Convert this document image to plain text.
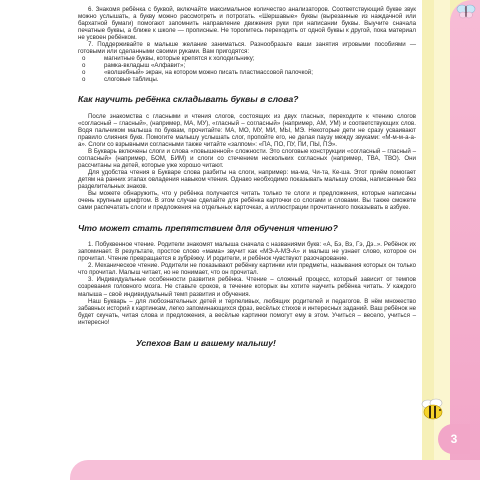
3

6. Знакомя ребёнка с буквой, включайте максимальное количество анализаторов. Соответствующий букве звук можно услышать, а букву можно рассмотреть и потрогать. «Шершавые» буквы (вырезанные из наждачной или бархатной бумаги) помогают запомнить направление движения руки при написании буквы. Выучите сначала печатные буквы, а ближе к школе — прописные. Не торопитесь переходить от одной буквы к другой, пока материал не усвоен ребёнком.

7. Поддерживайте в малыше желание заниматься. Разнообразьте ваши занятия игровыми пособиями — готовыми или сделанными своими руками. Вам пригодятся:

o магнитные буквы, которые крепятся к холодильнику;
o рамка-вкладыш «Алфавит»;
o «волшебный» экран, на котором можно писать пластмассовой палочкой;
o слоговые таблицы.
Как научить ребёнка складывать буквы в слова?

После знакомства с гласными и чтения слогов, состоящих из двух гласных, переходите к чтению слогов «согласный – гласный», (например, МА, МУ), «гласный – согласный» (например, АМ, УМ) и соответствующих слов. Водя пальчиком малыша по буквам, прочитайте: МА, МО, МУ, МИ, МЫ, МЭ. Некоторые дети не сразу усваивают правило слияния букв. Помогите малышу услышать слог, пропойте его, не делая паузу между звуками: «М-м-м-а-а-а». Слоги со взрывными согласными также читайте «залпом»: «ПА, ПО, ПУ, ПИ, ПЫ, ПЭ».

В Букварь включены слоги и слова «повышенной» сложности. Это слоговые конструкции «согласный – гласный – согласный» (например, БОМ, БИМ) и слоги со стечением нескольких согласных (например, ТВА, ТВО). Они рассчитаны на детей, которые уже хорошо читают.

Для удобства чтения в Букваре слова разбиты на слоги, например: ма-ма, Чи-та, Ке-ша. Этот приём помогает детям на ранних этапах овладения навыком чтения. Однако необходимо показывать малышу слова, написанные без разделительных знаков.

Вы можете обнаружить, что у ребёнка получается читать только те слоги и предложения, которые написаны очень крупным шрифтом. В этом случае сделайте для ребёнка карточки со слогами и словами. Вы также сможете сами распечатать слоги и предложения на отдельных карточках, а иллюстрации прочитанного показывать в азбуке.

Что может стать препятствием для обучения чтению?

1. Побуквенное чтение. Родители знакомят малыша сначала с названиями букв: «А, Бэ, Вэ, Гэ, Дэ..». Ребёнок их запоминает. В результате, простое слово «мама» звучит как «МЭ-А-МЭ-А» и малыш не узнает слово, которое он прочитал. Чтение превращается в зубрёжку. И родители, и ребёнок чувствуют разочарование.

2. Механическое чтение. Родители не показывают ребёнку картинки или предметы, называния которых он только что прочитал. Малыш читает, но не понимает, что он прочитал.

3. Индивидуальные особенности развития ребёнка. Чтение – сложный процесс, который зависит от темпов созревания головного мозга. Не ставьте сроков, в течение которых вы хотите научить ребёнка читать. У каждого малыша – своё индивидуальный темп развития и обучения.

Наш Букварь – для любознательных детей и терпеливых, любящих родителей и педагогов. В нём множество забавных историй к картинкам, легко запоминающихся фраз, весёлых стихов и интересных заданий. Ваш ребёнок не будет скучать, читая слова и предложения, а весёлые картинки помогут ему в этом. Учиться – весело, учиться – интересно!

Успехов Вам и вашему малышу!
